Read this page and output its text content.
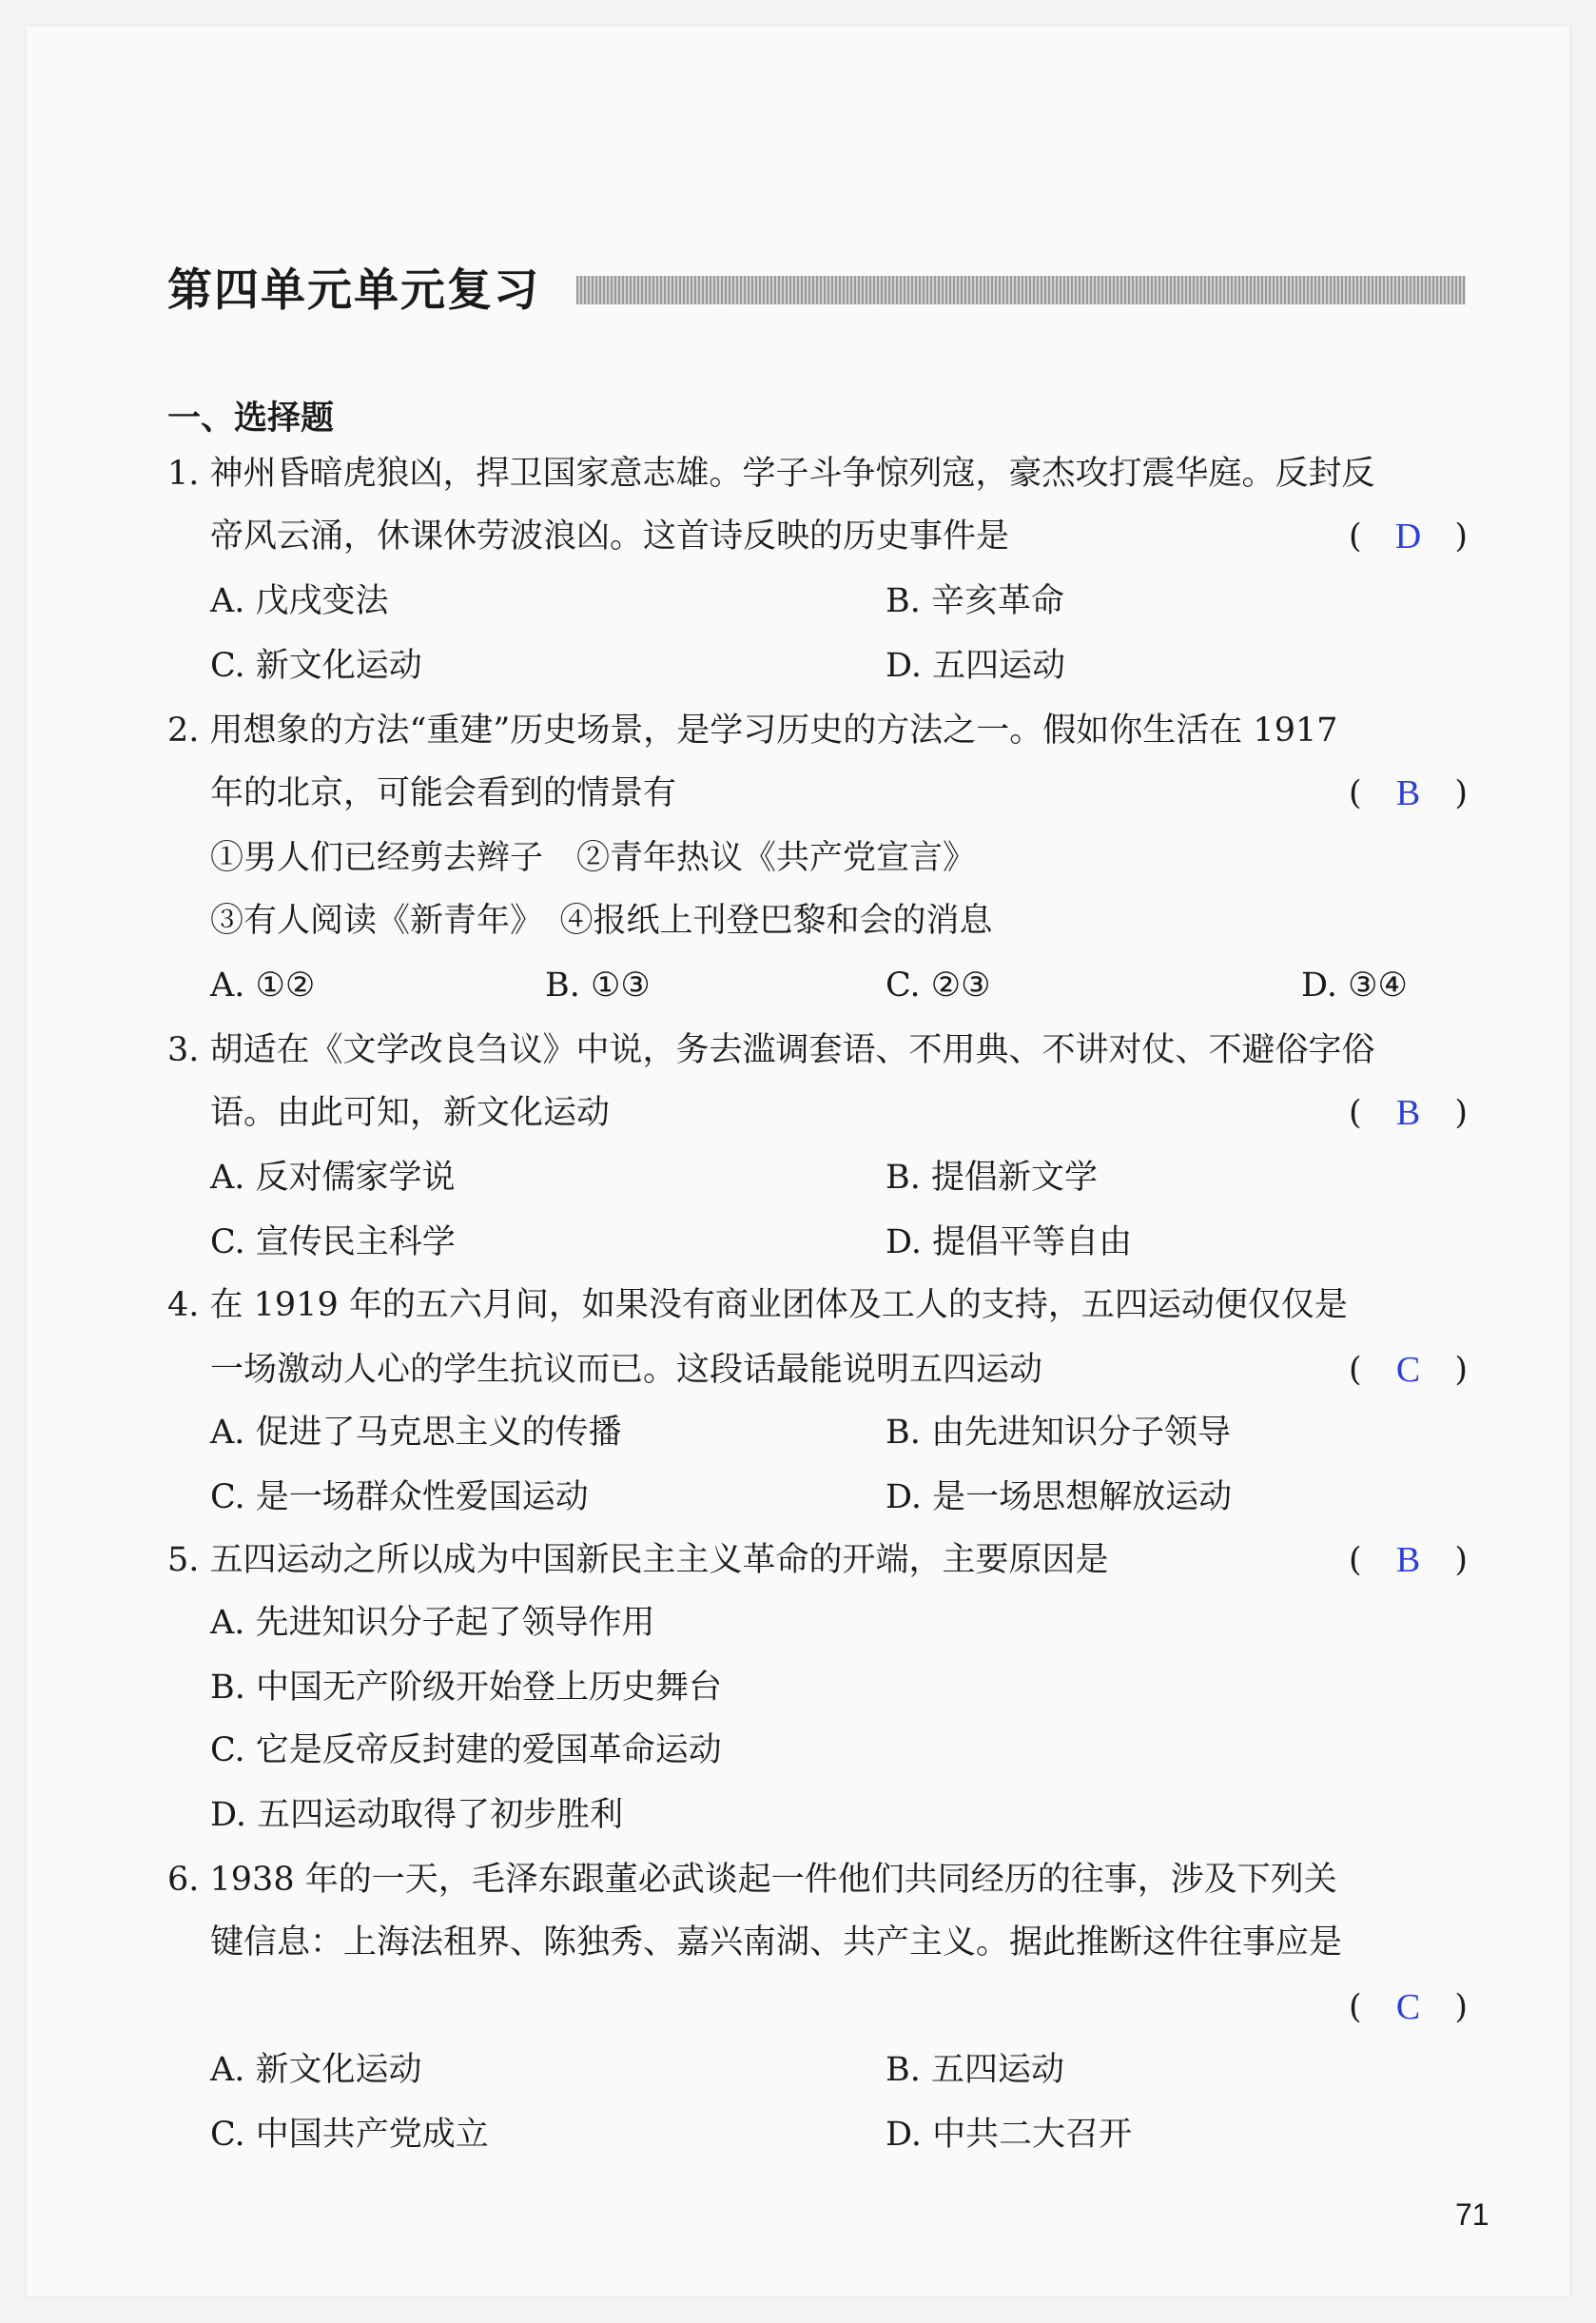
第四单元单元复习
一、选择题
1. 神州昏暗虎狼凶，捍卫国家意志雄。学子斗争惊列寇，豪杰攻打震华庭。反封反
帝风云涌，休课休劳波浪凶。这首诗反映的历史事件是	( D	)
A. 戊戌变法	B. 辛亥革命
C. 新文化运动	D. 五四运动
2. 用想象的方法“重建”历史场景，是学习历史的方法之一。假如你生活在 1917
年的北京，可能会看到的情景有	( B	)
①男人们已经剪去辫子　②青年热议《共产党宣言》
③有人阅读《新青年》　④报纸上刊登巴黎和会的消息
A. ①②	B. ①③	C. ②③	D. ③④
3. 胡适在《文学改良刍议》中说，务去滥调套语、不用典、不讲对仗、不避俗字俗
语。由此可知，新文化运动	( B	)
A. 反对儒家学说	B. 提倡新文学
C. 宣传民主科学	D. 提倡平等自由
4. 在 1919 年的五六月间，如果没有商业团体及工人的支持，五四运动便仅仅是
一场激动人心的学生抗议而已。这段话最能说明五四运动	( C	)
A. 促进了马克思主义的传播	B. 由先进知识分子领导
C. 是一场群众性爱国运动	D. 是一场思想解放运动
5. 五四运动之所以成为中国新民主主义革命的开端，主要原因是	( B	)
A. 先进知识分子起了领导作用
B. 中国无产阶级开始登上历史舞台
C. 它是反帝反封建的爱国革命运动
D. 五四运动取得了初步胜利
6. 1938 年的一天，毛泽东跟董必武谈起一件他们共同经历的往事，涉及下列关
键信息：上海法租界、陈独秀、嘉兴南湖、共产主义。据此推断这件往事应是
( C	)
A. 新文化运动	B. 五四运动
C. 中国共产党成立	D. 中共二大召开
71
